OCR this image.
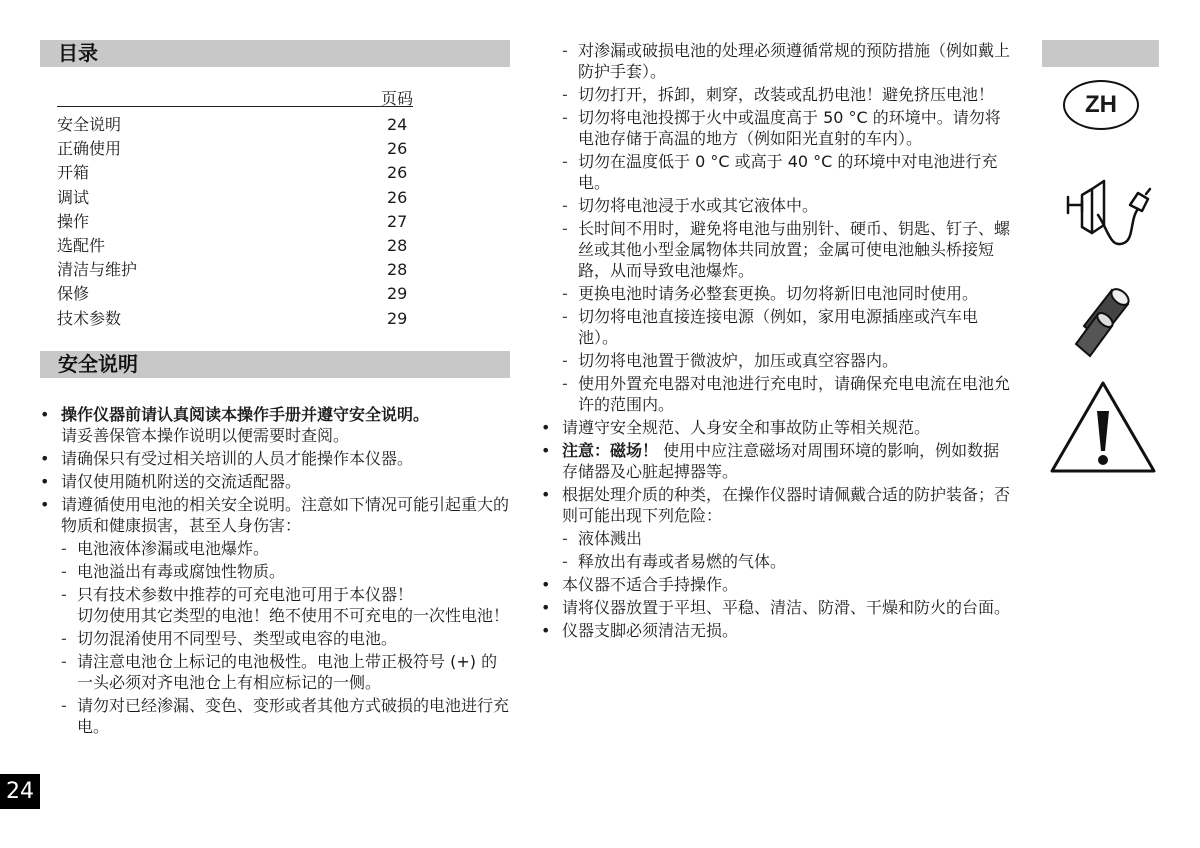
目录
页码
安全说明	24
正确使用	26
开箱	26
调试	26
操作	27
选配件	28
清洁与维护	28
保修	29
技术参数	29
安全说明
• 操作仪器前请认真阅读本操作手册并遵守安全说明。
请妥善保管本操作说明以便需要时查阅。
• 请确保只有受过相关培训的人员才能操作本仪器。
• 请仅使用随机附送的交流适配器。
• 请遵循使用电池的相关安全说明。注意如下情况可能引起重大的物质和健康损害，甚至人身伤害：
- 电池液体渗漏或电池爆炸。
- 电池溢出有毒或腐蚀性物质。
- 只有技术参数中推荐的可充电池可用于本仪器！
切勿使用其它类型的电池！绝不使用不可充电的一次性电池！
- 切勿混淆使用不同型号、类型或电容的电池。
- 请注意电池仓上标记的电池极性。电池上带正极符号 (+) 的一头必须对齐电池仓上有相应标记的一侧。
- 请勿对已经渗漏、变色、变形或者其他方式破损的电池进行充电。
- 对渗漏或破损电池的处理必须遵循常规的预防措施（例如戴上防护手套）。
- 切勿打开，拆卸，刺穿，改装或乱扔电池！避免挤压电池！
- 切勿将电池投掷于火中或温度高于 50 °C 的环境中。请勿将电池存储于高温的地方（例如阳光直射的车内）。
- 切勿在温度低于 0 °C 或高于 40 °C 的环境中对电池进行充电。
- 切勿将电池浸于水或其它液体中。
- 长时间不用时，避免将电池与曲别针、硬币、钥匙、钉子、螺丝或其他小型金属物体共同放置；金属可使电池触头桥接短路，从而导致电池爆炸。
- 更换电池时请务必整套更换。切勿将新旧电池同时使用。
- 切勿将电池直接连接电源（例如，家用电源插座或汽车电池）。
- 切勿将电池置于微波炉，加压或真空容器内。
- 使用外置充电器对电池进行充电时，请确保充电电流在电池允许的范围内。
• 请遵守安全规范、人身安全和事故防止等相关规范。
• 注意：磁场！ 使用中应注意磁场对周围环境的影响，例如数据存储器及心脏起搏器等。
• 根据处理介质的种类，在操作仪器时请佩戴合适的防护装备；否则可能出现下列危险：
- 液体溅出
- 释放出有毒或者易燃的气体。
• 本仪器不适合手持操作。
• 请将仪器放置于平坦、平稳、清洁、防滑、干燥和防火的台面。
• 仪器支脚必须清洁无损。
ZH
24
